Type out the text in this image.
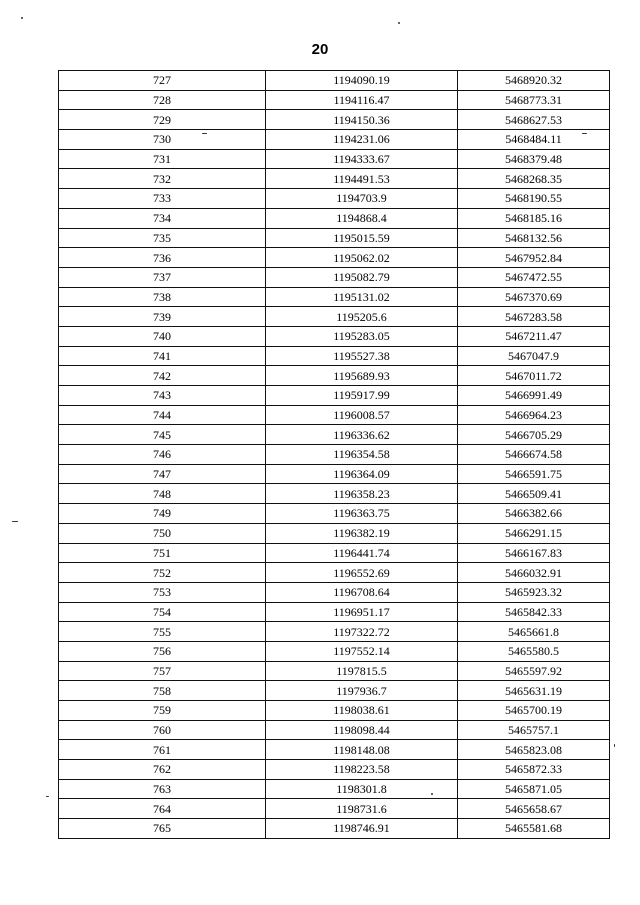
20
727	1194090.19	5468920.32
728	1194116.47	5468773.31
729	1194150.36	5468627.53
730	1194231.06	5468484.11
731	1194333.67	5468379.48
732	1194491.53	5468268.35
733	1194703.9	5468190.55
734	1194868.4	5468185.16
735	1195015.59	5468132.56
736	1195062.02	5467952.84
737	1195082.79	5467472.55
738	1195131.02	5467370.69
739	1195205.6	5467283.58
740	1195283.05	5467211.47
741	1195527.38	5467047.9
742	1195689.93	5467011.72
743	1195917.99	5466991.49
744	1196008.57	5466964.23
745	1196336.62	5466705.29
746	1196354.58	5466674.58
747	1196364.09	5466591.75
748	1196358.23	5466509.41
749	1196363.75	5466382.66
750	1196382.19	5466291.15
751	1196441.74	5466167.83
752	1196552.69	5466032.91
753	1196708.64	5465923.32
754	1196951.17	5465842.33
755	1197322.72	5465661.8
756	1197552.14	5465580.5
757	1197815.5	5465597.92
758	1197936.7	5465631.19
759	1198038.61	5465700.19
760	1198098.44	5465757.1
761	1198148.08	5465823.08
762	1198223.58	5465872.33
763	1198301.8	5465871.05
764	1198731.6	5465658.67
765	1198746.91	5465581.68
